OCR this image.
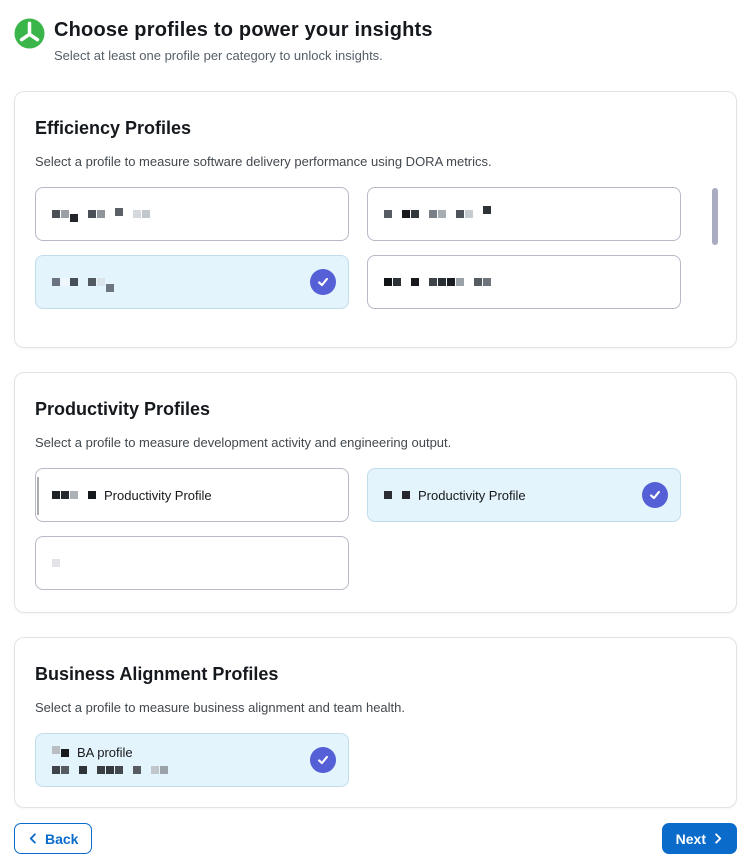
Choose profiles to power your insights
Select at least one profile per category to unlock insights.
Efficiency Profiles
Select a profile to measure software delivery performance using DORA metrics.
Productivity Profiles
Select a profile to measure development activity and engineering output.
Productivity Profile	Productivity Profile
Business Alignment Profiles
Select a profile to measure business alignment and team health.
BA profile
Back	Next
